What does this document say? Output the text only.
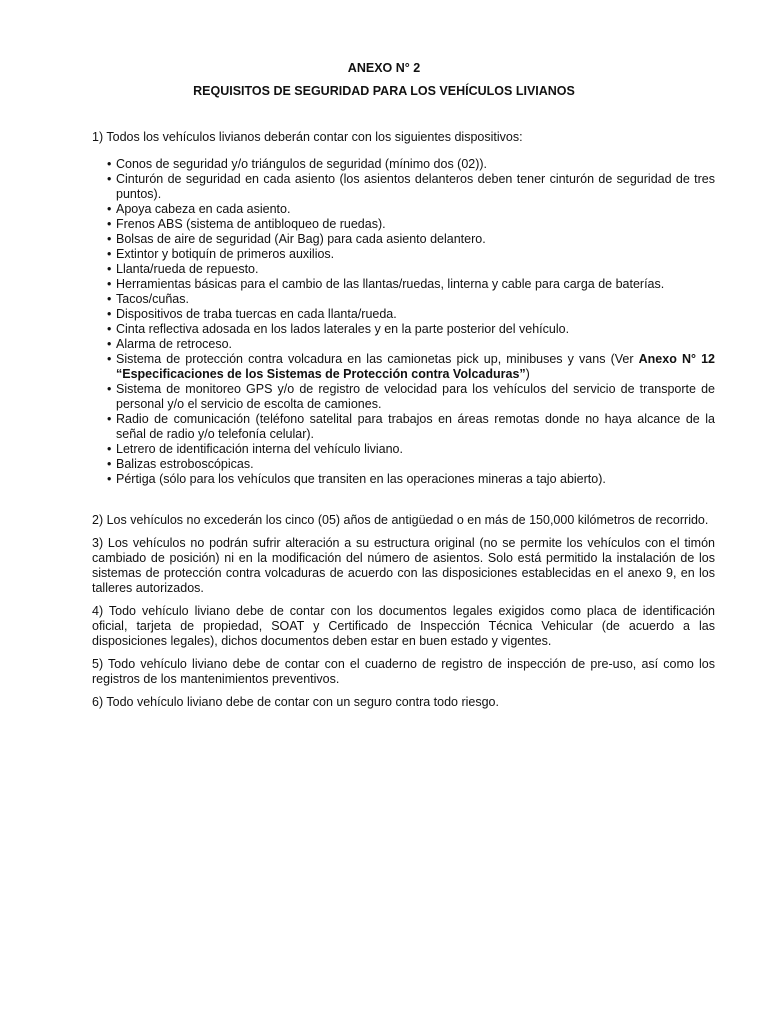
ANEXO N° 2
REQUISITOS DE SEGURIDAD PARA LOS VEHÍCULOS LIVIANOS

1) Todos los vehículos livianos deberán contar con los siguientes dispositivos:

• Conos de seguridad y/o triángulos de seguridad (mínimo dos (02)).
• Cinturón de seguridad en cada asiento (los asientos delanteros deben tener cinturón de seguridad de tres puntos).
• Apoya cabeza en cada asiento.
• Frenos ABS (sistema de antibloqueo de ruedas).
• Bolsas de aire de seguridad (Air Bag) para cada asiento delantero.
• Extintor y botiquín de primeros auxilios.
• Llanta/rueda de repuesto.
• Herramientas básicas para el cambio de las llantas/ruedas, linterna y cable para carga de baterías.
• Tacos/cuñas.
• Dispositivos de traba tuercas en cada llanta/rueda.
• Cinta reflectiva adosada en los lados laterales y en la parte posterior del vehículo.
• Alarma de retroceso.
• Sistema de protección contra volcadura en las camionetas pick up, minibuses y vans (Ver Anexo N° 12 “Especificaciones de los Sistemas de Protección contra Volcaduras”)
• Sistema de monitoreo GPS y/o de registro de velocidad para los vehículos del servicio de transporte de personal y/o el servicio de escolta de camiones.
• Radio de comunicación (teléfono satelital para trabajos en áreas remotas donde no haya alcance de la señal de radio y/o telefonía celular).
• Letrero de identificación interna del vehículo liviano.
• Balizas estroboscópicas.
• Pértiga (sólo para los vehículos que transiten en las operaciones mineras a tajo abierto).

2) Los vehículos no excederán los cinco (05) años de antigüedad o en más de 150,000 kilómetros de recorrido.

3) Los vehículos no podrán sufrir alteración a su estructura original (no se permite los vehículos con el timón cambiado de posición) ni en la modificación del número de asientos. Solo está permitido la instalación de los sistemas de protección contra volcaduras de acuerdo con las disposiciones establecidas en el anexo 9, en los talleres autorizados.

4) Todo vehículo liviano debe de contar con los documentos legales exigidos como placa de identificación oficial, tarjeta de propiedad, SOAT y Certificado de Inspección Técnica Vehicular (de acuerdo a las disposiciones legales), dichos documentos deben estar en buen estado y vigentes.

5) Todo vehículo liviano debe de contar con el cuaderno de registro de inspección de pre-uso, así como los registros de los mantenimientos preventivos.

6) Todo vehículo liviano debe de contar con un seguro contra todo riesgo.
